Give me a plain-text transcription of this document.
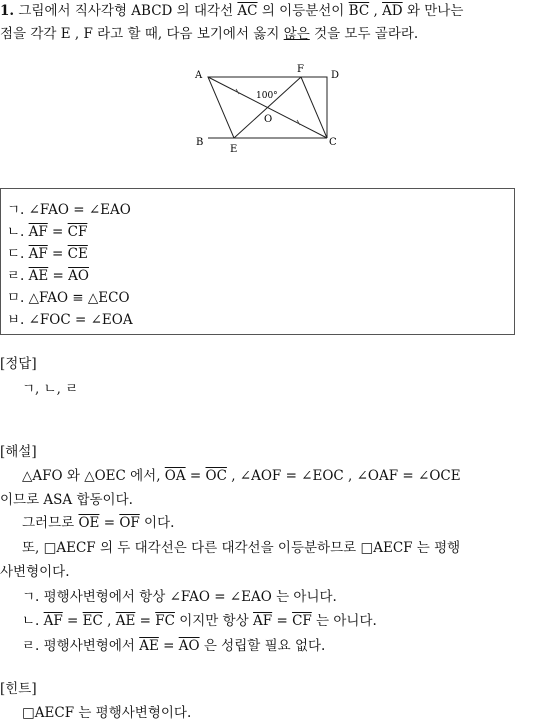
1. 그림에서 직사각형 ABCD 의 대각선 $\overline{AC}$ 의 이등분선이 $\overline{BC}$ , $\overline{AD}$ 와 만나는
점을 각각 E , F 라고 할 때, 다음 보기에서 옳지 않은 것을 모두 골라라.
A
F
D
B
E
C
O
100°
ㄱ. ∠FAO = ∠EAO
ㄴ. $\overline{AF} = \overline{CF}$
ㄷ. $\overline{AF} = \overline{CE}$
ㄹ. $\overline{AE} = \overline{AO}$
ㅁ. △FAO ≡ △ECO
ㅂ. ∠FOC = ∠EOA
[정답]
ㄱ, ㄴ, ㄹ
[해설]
△AFO 와 △OEC 에서, $\overline{OA} = \overline{OC}$ , ∠AOF = ∠EOC , ∠OAF = ∠OCE
이므로 ASA 합동이다.
그러므로 $\overline{OE} = \overline{OF}$ 이다.
또, □AECF 의 두 대각선은 다른 대각선을 이등분하므로 □AECF 는 평행
사변형이다.
ㄱ. 평행사변형에서 항상 ∠FAO = ∠EAO 는 아니다.
ㄴ. $\overline{AF} = \overline{EC}$ , $\overline{AE} = \overline{FC}$ 이지만 항상 $\overline{AF} = \overline{CF}$ 는 아니다.
ㄹ. 평행사변형에서 $\overline{AE} = \overline{AO}$ 은 성립할 필요 없다.
[힌트]
□AECF 는 평행사변형이다.
